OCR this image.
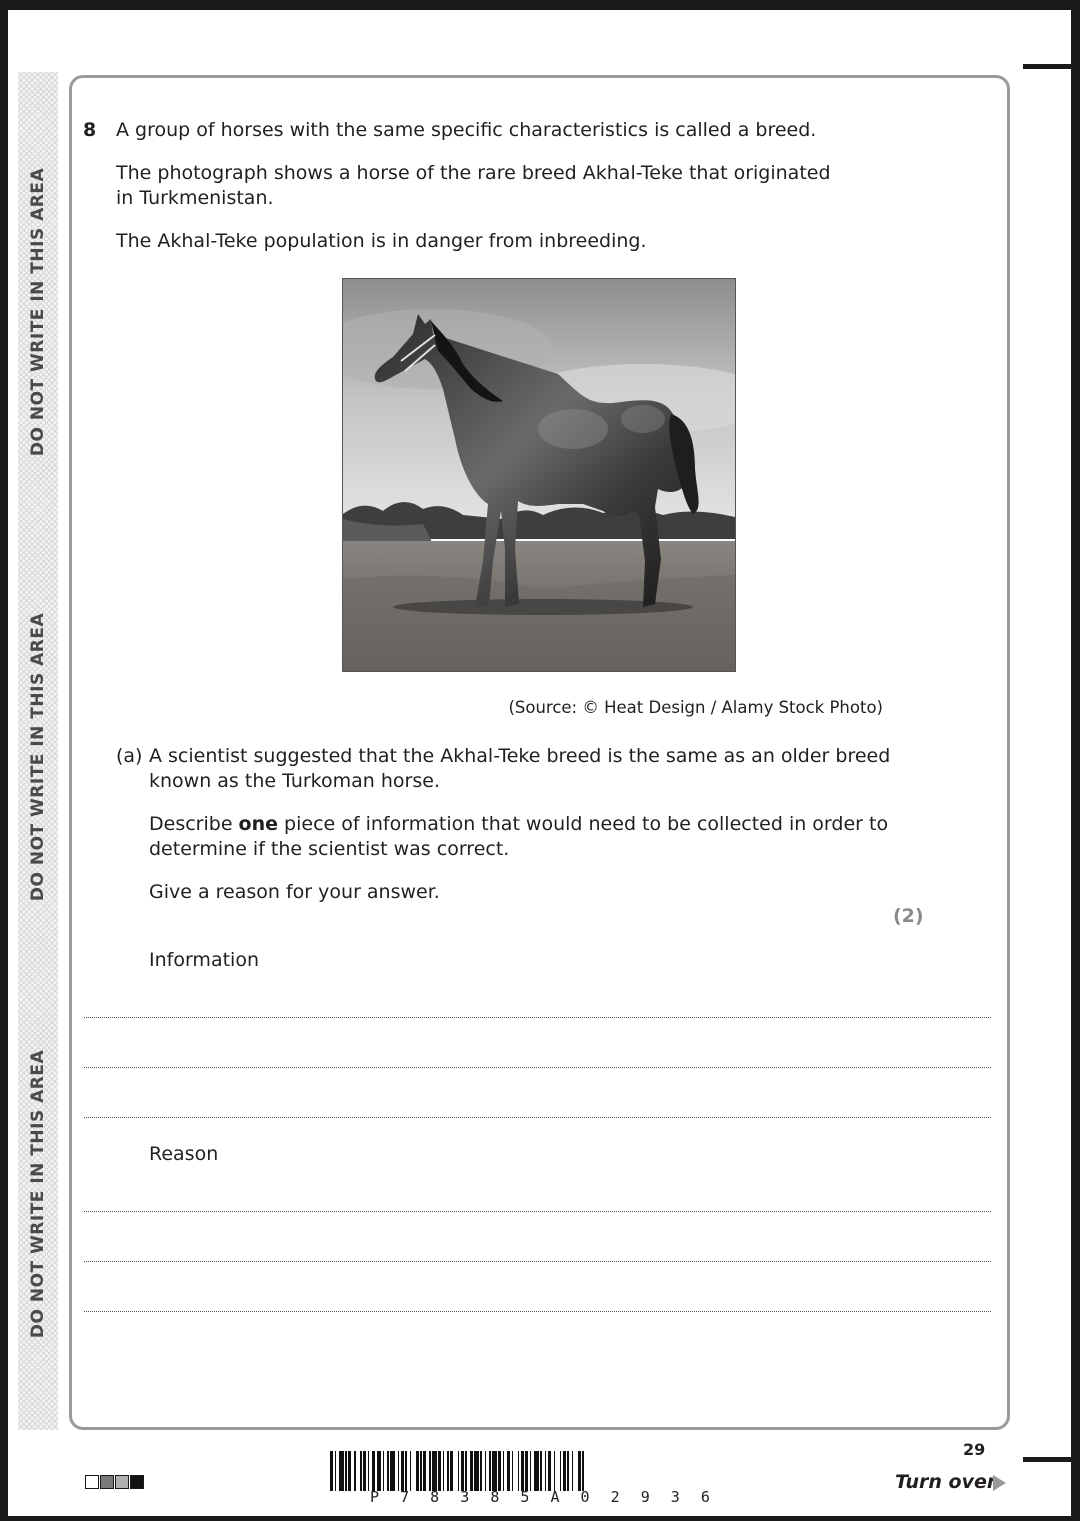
DO NOT WRITE IN THIS AREA
DO NOT WRITE IN THIS AREA
DO NOT WRITE IN THIS AREA
8 A group of horses with the same specific characteristics is called a breed.

The photograph shows a horse of the rare breed Akhal-Teke that originated

in Turkmenistan.

The Akhal-Teke population is in danger from inbreeding.

(Source: © Heat Design / Alamy Stock Photo)

(a) A scientist suggested that the Akhal-Teke breed is the same as an older breed

known as the Turkoman horse.

Describe one piece of information that would need to be collected in order to

determine if the scientist was correct.

Give a reason for your answer.

(2)

Information

Reason

P 7 8 3 8 5 A 0 2 9 3 6
29
Turn over
